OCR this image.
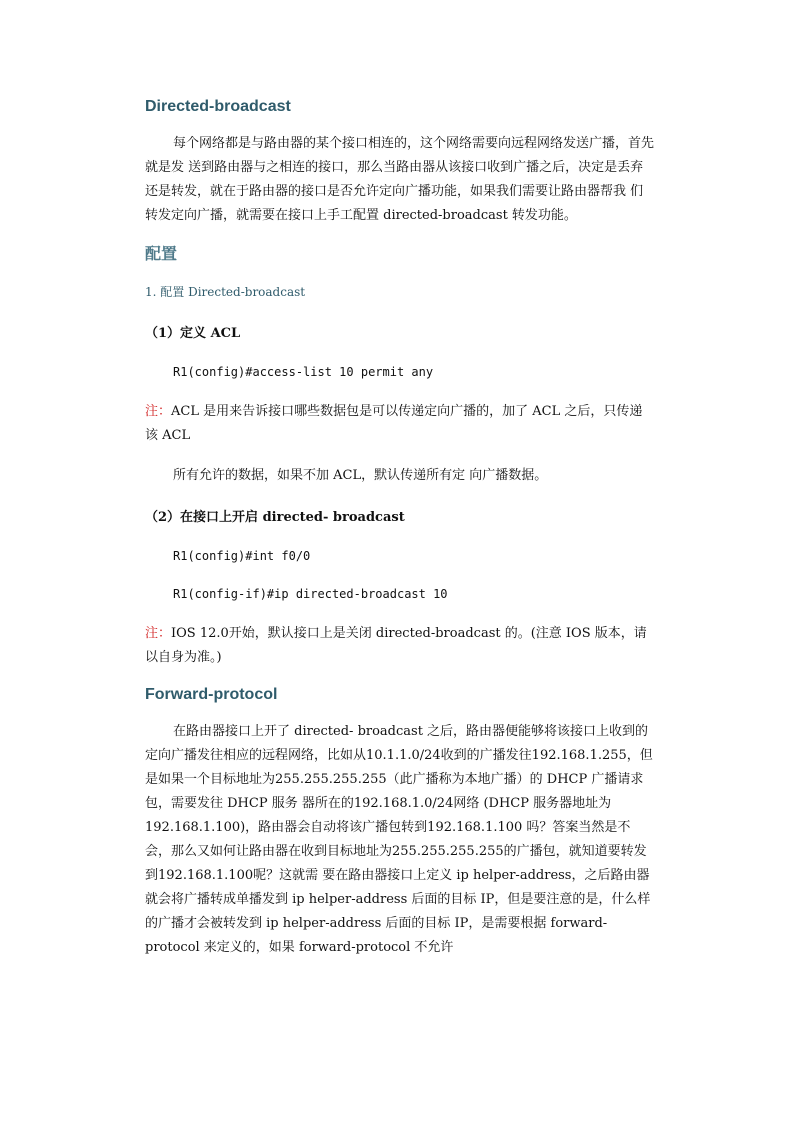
Directed-broadcast

每个网络都是与路由器的某个接口相连的，这个网络需要向远程网络发送广播，首先就是发 送到路由器与之相连的接口，那么当路由器从该接口收到广播之后，决定是丢弃还是转发，就在于路由器的接口是否允许定向广播功能，如果我们需要让路由器帮我 们转发定向广播，就需要在接口上手工配置 directed-broadcast 转发功能。

配置

1. 配置 Directed-broadcast

（1）定义 ACL

R1(config)#access-list 10 permit any

注：ACL 是用来告诉接口哪些数据包是可以传递定向广播的，加了 ACL 之后，只传递该 ACL

所有允许的数据，如果不加 ACL，默认传递所有定 向广播数据。

（2）在接口上开启 directed- broadcast

R1(config)#int f0/0

R1(config-if)#ip directed-broadcast 10

注：IOS 12.0开始，默认接口上是关闭 directed-broadcast 的。(注意 IOS 版本，请以自身为准。)

Forward-protocol

在路由器接口上开了 directed- broadcast 之后，路由器便能够将该接口上收到的定向广播发往相应的远程网络，比如从10.1.1.0/24收到的广播发往192.168.1.255，但是如果一个目标地址为255.255.255.255（此广播称为本地广播）的 DHCP 广播请求包，需要发往 DHCP 服务 器所在的192.168.1.0/24网络 (DHCP 服务器地址为192.168.1.100)，路由器会自动将该广播包转到192.168.1.100 吗？答案当然是不会，那么又如何让路由器在收到目标地址为255.255.255.255的广播包，就知道要转发到192.168.1.100呢？这就需 要在路由器接口上定义 ip helper-address，之后路由器就会将广播转成单播发到 ip helper-address 后面的目标 IP，但是要注意的是，什么样的广播才会被转发到 ip helper-address 后面的目标 IP，是需要根据 forward-protocol 来定义的，如果 forward-protocol 不允许
